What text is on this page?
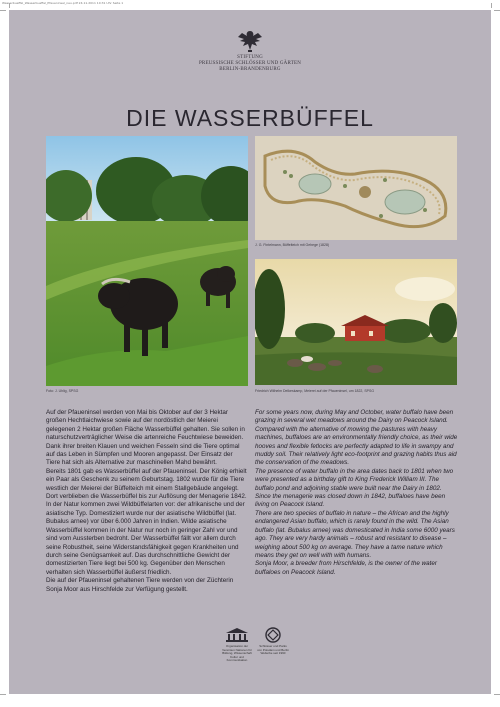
Wasserbueffel_Wasserbueffel_Pfaueninsel_neu.pdf 24.11.2011 10:31 Uhr Seite 1
STIFTUNG
PREUSSISCHE SCHLÖSSER UND GÄRTEN
BERLIN-BRANDENBURG
DIE WASSERBÜFFEL
Foto: J. Uhlig, SPSG
J. G. Fintelmann, Büffelteich mit Gehege (1828)
Friedrich Wilhelm Delkeskamp, Meierei auf der Pfaueninsel, um 1822, SPSG

Auf der Pfaueninsel werden von Mai bis Oktober auf der 3 Hektar großen Hechtlaichwiese sowie auf der nordöstlich der Meierei gelegenen 2 Hektar großen Fläche Wasserbüffel gehalten. Sie sollen in naturschutzverträglicher Weise die artenreiche Feuchtwiese beweiden. Dank ihrer breiten Klauen und weichen Fesseln sind die Tiere optimal auf das Leben in Sümpfen und Mooren angepasst. Der Einsatz der Tiere hat sich als Alternative zur maschinellen Mahd bewährt.

Bereits 1801 gab es Wasserbüffel auf der Pfaueninsel. Der König erhielt ein Paar als Geschenk zu seinem Geburtstag. 1802 wurde für die Tiere westlich der Meierei der Büffelteich mit einem Stallgebäude angelegt. Dort verblieben die Wasserbüffel bis zur Auflösung der Menagerie 1842.

In der Natur kommen zwei Wildbüffelarten vor: der afrikanische und der asiatische Typ. Domestiziert wurde nur der asiatische Wildbüffel (lat. Bubalus arnee) vor über 6.000 Jahren in Indien. Wilde asiatische Wasserbüffel kommen in der Natur nur noch in geringer Zahl vor und sind vom Aussterben bedroht. Der Wasserbüffel fällt vor allem durch seine Robustheit, seine Widerstandsfähigkeit gegen Krankheiten und durch seine Genügsamkeit auf. Das durchschnittliche Gewicht der domestizierten Tiere liegt bei 500 kg. Gegenüber den Menschen verhalten sich Wasserbüffel äußerst friedlich.

Die auf der Pfaueninsel gehaltenen Tiere werden von der Züchterin Sonja Moor aus Hirschfelde zur Verfügung gestellt.

For some years now, during May and October, water buffalo have been grazing in several wet meadows around the Dairy on Peacock Island. Compared with the alternative of mowing the pastures with heavy machines, buffaloes are an environmentally friendly choice, as their wide hooves and flexible fetlocks are perfectly adapted to life in swampy and muddy soil. Their relatively light eco-footprint and grazing habits thus aid the conservation of the meadows.

The presence of water buffalo in the area dates back to 1801 when two were presented as a birthday gift to King Frederick William III. The buffalo pond and adjoining stable were built near the Dairy in 1802. Since the menagerie was closed down in 1842, buffaloes have been living on Peacock Island.

There are two species of buffalo in nature – the African and the highly endangered Asian buffalo, which is rarely found in the wild. The Asian buffalo (lat. Bubalus arnee) was domesticated in India some 6000 years ago. They are very hardy animals – robust and resistant to disease – weighing about 500 kg on average. They have a tame nature which means they get on well with with humans.

Sonja Moor, a breeder from Hirschfelde, is the owner of the water buffaloes on Peacock Island.

Organisation der
Vereinten Nationen für
Bildung, Wissenschaft
Kultur und Kommunikation
Schlösser und Parks
von Potsdam und Berlin
Welterbe seit 1990
